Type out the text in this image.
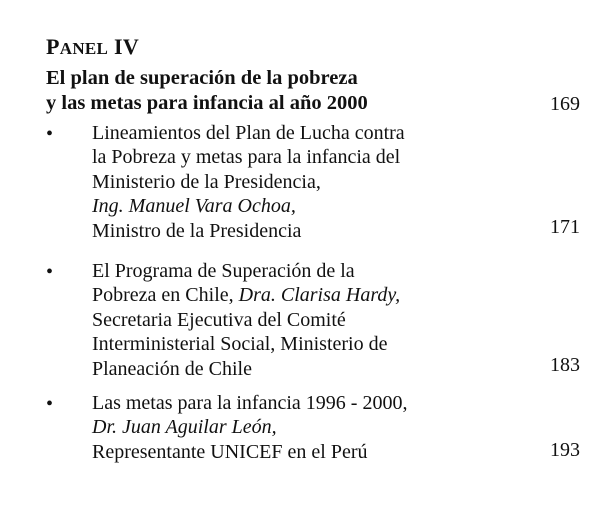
PANEL IV
El plan de superación de la pobreza
y las metas para infancia al año 2000	169
• Lineamientos del Plan de Lucha contra
la Pobreza y metas para la infancia del
Ministerio de la Presidencia,
Ing. Manuel Vara Ochoa,
Ministro de la Presidencia	171
• El Programa de Superación de la
Pobreza en Chile, Dra. Clarisa Hardy,
Secretaria Ejecutiva del Comité
Interministerial Social, Ministerio de
Planeación de Chile	183
• Las metas para la infancia 1996 - 2000,
Dr. Juan Aguilar León,
Representante UNICEF en el Perú	193
